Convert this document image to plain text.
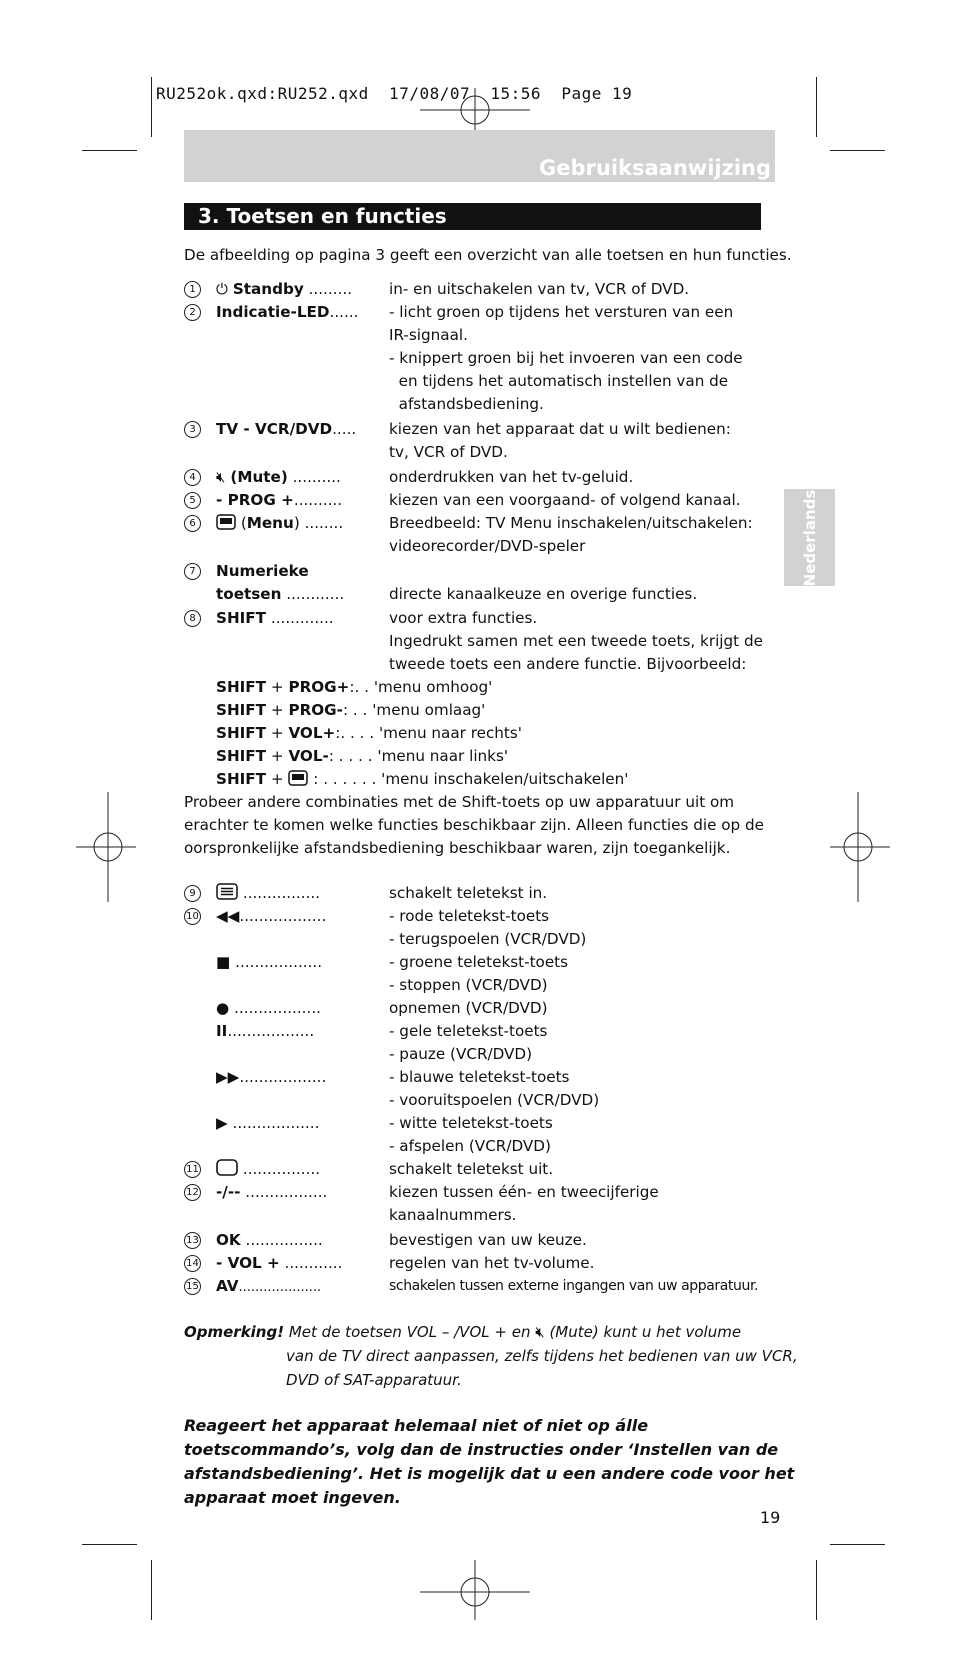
RU252ok.qxd:RU252.qxd  17/08/07  15:56  Page 19
Gebruiksaanwijzing
3. Toetsen en functies
De afbeelding op pagina 3 geeft een overzicht van alle toetsen en hun functies.
Nederlands
1	⏻ Standby ......... in- en uitschakelen van tv, VCR of DVD.
2	Indicatie-LED...... - licht groen op tijdens het versturen van een
IR-signaal.
- knippert groen bij het invoeren van een code
en tijdens het automatisch instellen van de
afstandsbediening.
3	TV - VCR/DVD..... kiezen van het apparaat dat u wilt bedienen:
tv, VCR of DVD.
4	🔇︎ (Mute) ..........	onderdrukken van het tv-geluid.
5	- PROG +..........	kiezen van een voorgaand- of volgend kanaal.
6	(Menu) ........	Breedbeeld: TV Menu inschakelen/uitschakelen:
videorecorder/DVD-speler
7	Numerieke
toetsen ............	directe kanaalkeuze en overige functies.
8	SHIFT .............	voor extra functies.
Ingedrukt samen met een tweede toets, krijgt de
tweede toets een andere functie. Bijvoorbeeld:
SHIFT + PROG+:. . 'menu omhoog'
SHIFT + PROG-: . . 'menu omlaag'
SHIFT + VOL+:. . . . 'menu naar rechts'
SHIFT + VOL-: . . . . 'menu naar links'
SHIFT +  : . . . . . . 'menu inschakelen/uitschakelen'
Probeer andere combinaties met de Shift-toets op uw apparatuur uit om
erachter te komen welke functies beschikbaar zijn. Alleen functies die op de
oorspronkelijke afstandsbediening beschikbaar waren, zijn toegankelijk.
9	................	schakelt teletekst in.
10 ◀◀..................	- rode teletekst-toets
- terugspoelen (VCR/DVD)
■ ..................	- groene teletekst-toets
- stoppen (VCR/DVD)
● ..................	opnemen (VCR/DVD)
II..................	- gele teletekst-toets
- pauze (VCR/DVD)
▶▶..................	- blauwe teletekst-toets
- vooruitspoelen (VCR/DVD)
▶ ..................	- witte teletekst-toets
- afspelen (VCR/DVD)
11	................	schakelt teletekst uit.
12 -/-- .................	kiezen tussen één- en tweecijferige
kanaalnummers.
13 OK ................	bevestigen van uw keuze.
14 - VOL + ............	regelen van het tv-volume.
15 AV....................	schakelen tussen externe ingangen van uw apparatuur.
Opmerking! Met de toetsen VOL – /VOL + en 🔇︎ (Mute) kunt u het volume
van de TV direct aanpassen, zelfs tijdens het bedienen van uw VCR,
DVD of SAT-apparatuur.
Reageert het apparaat helemaal niet of niet op álle
toetscommando’s, volg dan de instructies onder ‘Instellen van de
afstandsbediening’. Het is mogelijk dat u een andere code voor het
apparaat moet ingeven.
19
